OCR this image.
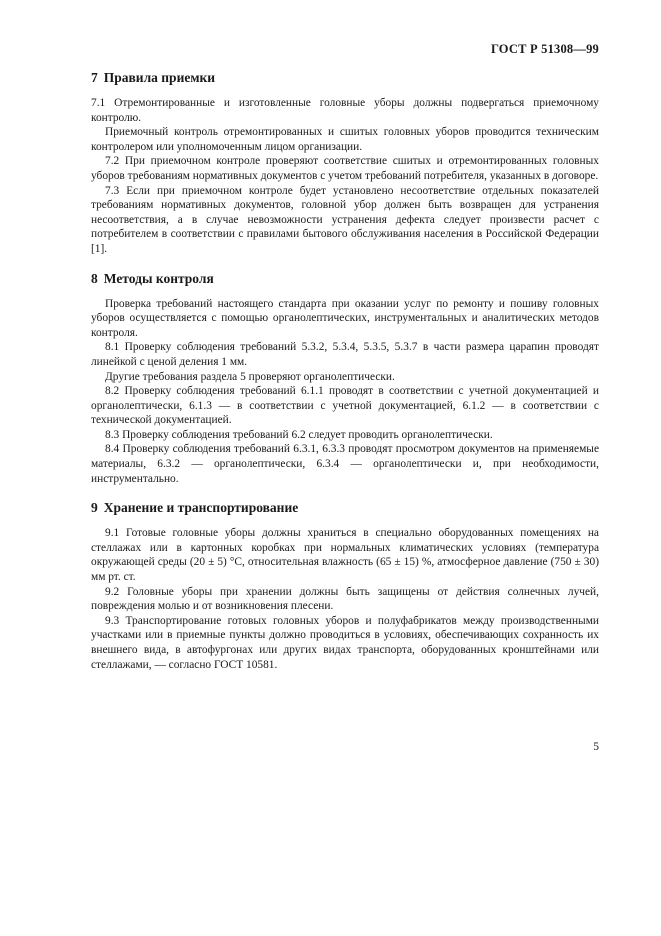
ГОСТ Р 51308—99
7 Правила приемки

7.1 Отремонтированные и изготовленные головные уборы должны подвергаться приемочному контролю.

Приемочный контроль отремонтированных и сшитых головных уборов проводится техническим контролером или уполномоченным лицом организации.

7.2 При приемочном контроле проверяют соответствие сшитых и отремонтированных головных уборов требованиям нормативных документов с учетом требований потребителя, указанных в договоре.

7.3 Если при приемочном контроле будет установлено несоответствие отдельных показателей требованиям нормативных документов, головной убор должен быть возвращен для устранения несоответствия, а в случае невозможности устранения дефекта следует произвести расчет с потребителем в соответствии с правилами бытового обслуживания населения в Российской Федерации [1].

8 Методы контроля

Проверка требований настоящего стандарта при оказании услуг по ремонту и пошиву головных уборов осуществляется с помощью органолептических, инструментальных и аналитических методов контроля.

8.1 Проверку соблюдения требований 5.3.2, 5.3.4, 5.3.5, 5.3.7 в части размера царапин проводят линейкой с ценой деления 1 мм.

Другие требования раздела 5 проверяют органолептически.

8.2 Проверку соблюдения требований 6.1.1 проводят в соответствии с учетной документацией и органолептически, 6.1.3 — в соответствии с учетной документацией, 6.1.2 — в соответствии с технической документацией.

8.3 Проверку соблюдения требований 6.2 следует проводить органолептически.

8.4 Проверку соблюдения требований 6.3.1, 6.3.3 проводят просмотром документов на применяемые материалы, 6.3.2 — органолептически, 6.3.4 — органолептически и, при необходимости, инструментально.

9 Хранение и транспортирование

9.1 Готовые головные уборы должны храниться в специально оборудованных помещениях на стеллажах или в картонных коробках при нормальных климатических условиях (температура окружающей среды (20 ± 5) °С, относительная влажность (65 ± 15) %, атмосферное давление (750 ± 30) мм рт. ст.

9.2 Головные уборы при хранении должны быть защищены от действия солнечных лучей, повреждения молью и от возникновения плесени.

9.3 Транспортирование готовых головных уборов и полуфабрикатов между производственными участками или в приемные пункты должно проводиться в условиях, обеспечивающих сохранность их внешнего вида, в автофургонах или других видах транспорта, оборудованных кронштейнами или стеллажами, — согласно ГОСТ 10581.

5
